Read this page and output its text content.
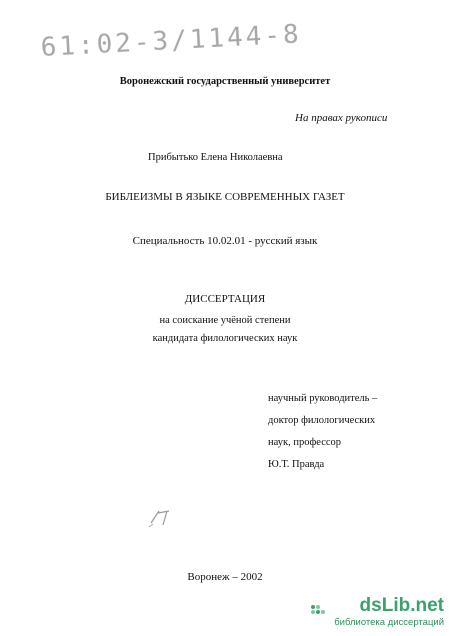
61:02-3/1144-8
Воронежский государственный университет
На правах рукописи
Прибытько Елена Николаевна
БИБЛЕИЗМЫ В ЯЗЫКЕ СОВРЕМЕННЫХ ГАЗЕТ
Специальность 10.02.01 - русский язык
ДИССЕРТАЦИЯ
на соискание учёной степени
кандидата филологических наук
научный руководитель –
доктор филологических
наук, профессор
Ю.Т. Правда
Воронеж – 2002
dsLib.net
библиотека диссертаций
